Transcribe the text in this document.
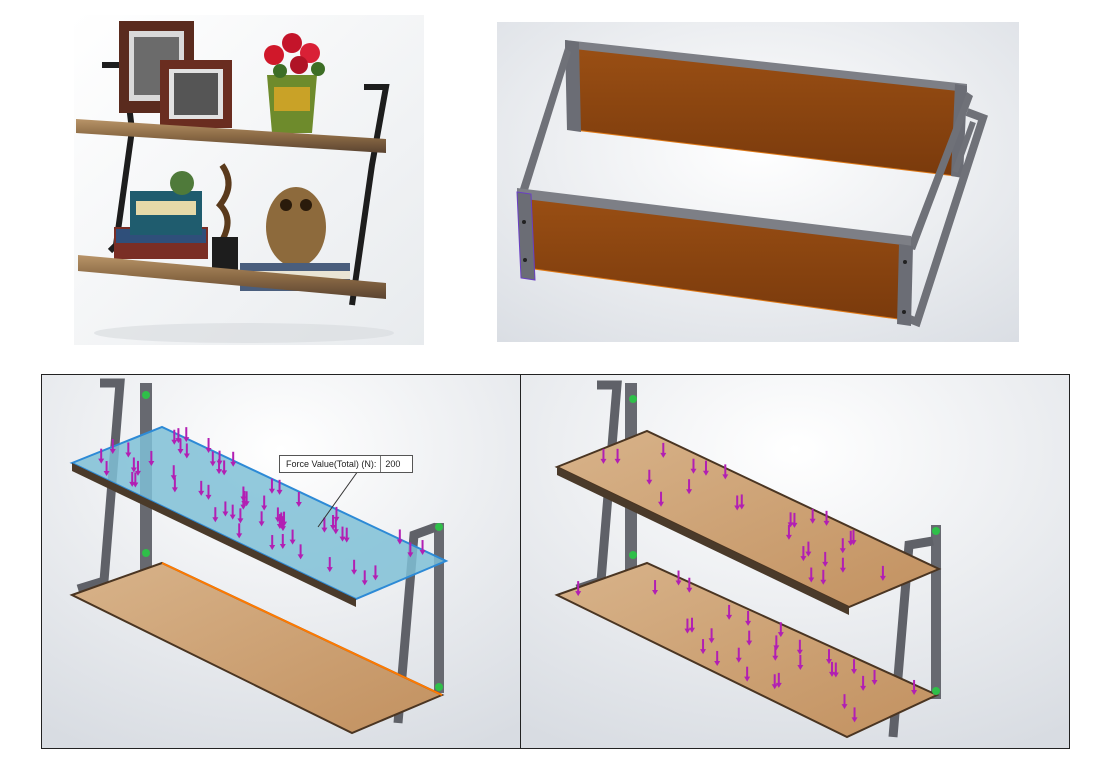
Force Value(Total) (N):	200
